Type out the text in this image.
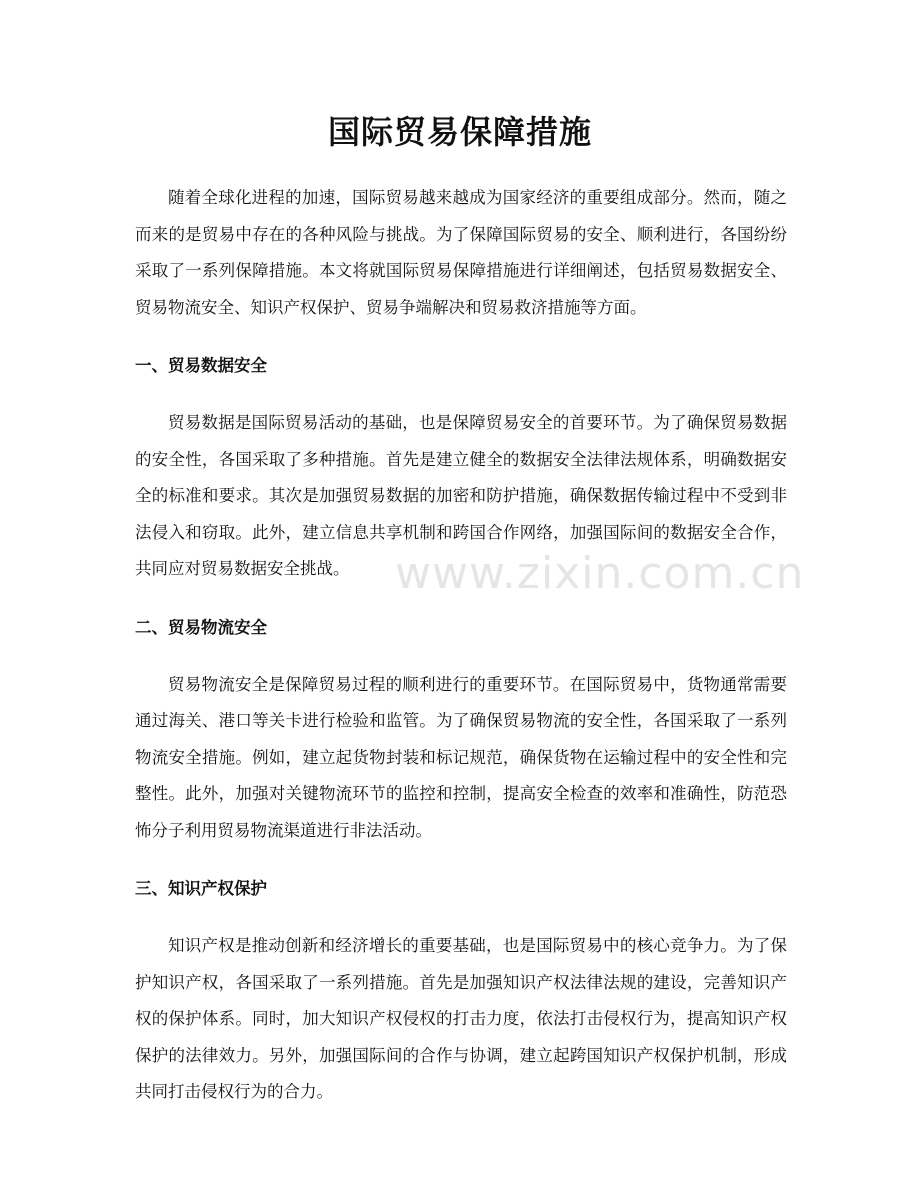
国际贸易保障措施

随着全球化进程的加速，国际贸易越来越成为国家经济的重要组成部分。然而，随之而来的是贸易中存在的各种风险与挑战。为了保障国际贸易的安全、顺利进行，各国纷纷采取了一系列保障措施。本文将就国际贸易保障措施进行详细阐述，包括贸易数据安全、贸易物流安全、知识产权保护、贸易争端解决和贸易救济措施等方面。

一、贸易数据安全

贸易数据是国际贸易活动的基础，也是保障贸易安全的首要环节。为了确保贸易数据的安全性，各国采取了多种措施。首先是建立健全的数据安全法律法规体系，明确数据安全的标准和要求。其次是加强贸易数据的加密和防护措施，确保数据传输过程中不受到非法侵入和窃取。此外，建立信息共享机制和跨国合作网络，加强国际间的数据安全合作，共同应对贸易数据安全挑战。

二、贸易物流安全

贸易物流安全是保障贸易过程的顺利进行的重要环节。在国际贸易中，货物通常需要通过海关、港口等关卡进行检验和监管。为了确保贸易物流的安全性，各国采取了一系列物流安全措施。例如，建立起货物封装和标记规范，确保货物在运输过程中的安全性和完整性。此外，加强对关键物流环节的监控和控制，提高安全检查的效率和准确性，防范恐怖分子利用贸易物流渠道进行非法活动。

三、知识产权保护

知识产权是推动创新和经济增长的重要基础，也是国际贸易中的核心竞争力。为了保护知识产权，各国采取了一系列措施。首先是加强知识产权法律法规的建设，完善知识产权的保护体系。同时，加大知识产权侵权的打击力度，依法打击侵权行为，提高知识产权保护的法律效力。另外，加强国际间的合作与协调，建立起跨国知识产权保护机制，形成共同打击侵权行为的合力。

www.zixin.com.cn
